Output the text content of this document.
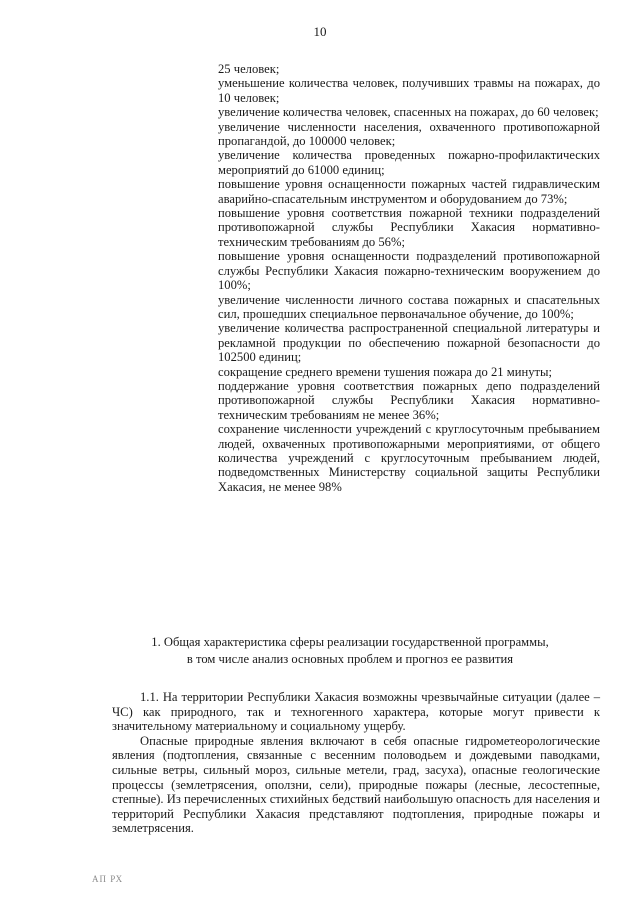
10

25 человек;

уменьшение количества человек, получивших травмы на пожарах, до 10 человек;

увеличение количества человек, спасенных на пожарах, до 60 человек;

увеличение численности населения, охваченного противопожарной пропагандой, до 100000 человек;

увеличение количества проведенных пожарно-профилактических мероприятий до 61000 единиц;

повышение уровня оснащенности пожарных частей гидравлическим аварийно-спасательным инструментом и оборудованием до 73%;

повышение уровня соответствия пожарной техники подразделений противопожарной службы Республики Хакасия нормативно-техническим требованиям до 56%;

повышение уровня оснащенности подразделений противопожарной службы Республики Хакасия пожарно-техническим вооружением до 100%;

увеличение численности личного состава пожарных и спасательных сил, прошедших специальное первоначальное обучение, до 100%;

увеличение количества распространенной специальной литературы и рекламной продукции по обеспечению пожарной безопасности до 102500 единиц;

сокращение среднего времени тушения пожара до 21 минуты;

поддержание уровня соответствия пожарных депо подразделений противопожарной службы Республики Хакасия нормативно-техническим требованиям не менее 36%;

сохранение численности учреждений с круглосуточным пребыванием людей, охваченных противопожарными мероприятиями, от общего количества учреждений с круглосуточным пребыванием людей, подведомственных Министерству социальной защиты Республики Хакасия, не менее 98%

1. Общая характеристика сферы реализации государственной программы,
в том числе анализ основных проблем и прогноз ее развития

1.1. На территории Республики Хакасия возможны чрезвычайные ситуации (далее – ЧС) как природного, так и техногенного характера, которые могут привести к значительному материальному и социальному ущербу.

Опасные природные явления включают в себя опасные гидрометеорологические явления (подтопления, связанные с весенним половодьем и дождевыми паводками, сильные ветры, сильный мороз, сильные метели, град, засуха), опасные геологические процессы (землетрясения, оползни, сели), природные пожары (лесные, лесостепные, степные). Из перечисленных стихийных бедствий наибольшую опасность для населения и территорий Республики Хакасия представляют подтопления, природные пожары и землетрясения.

АП РХ
